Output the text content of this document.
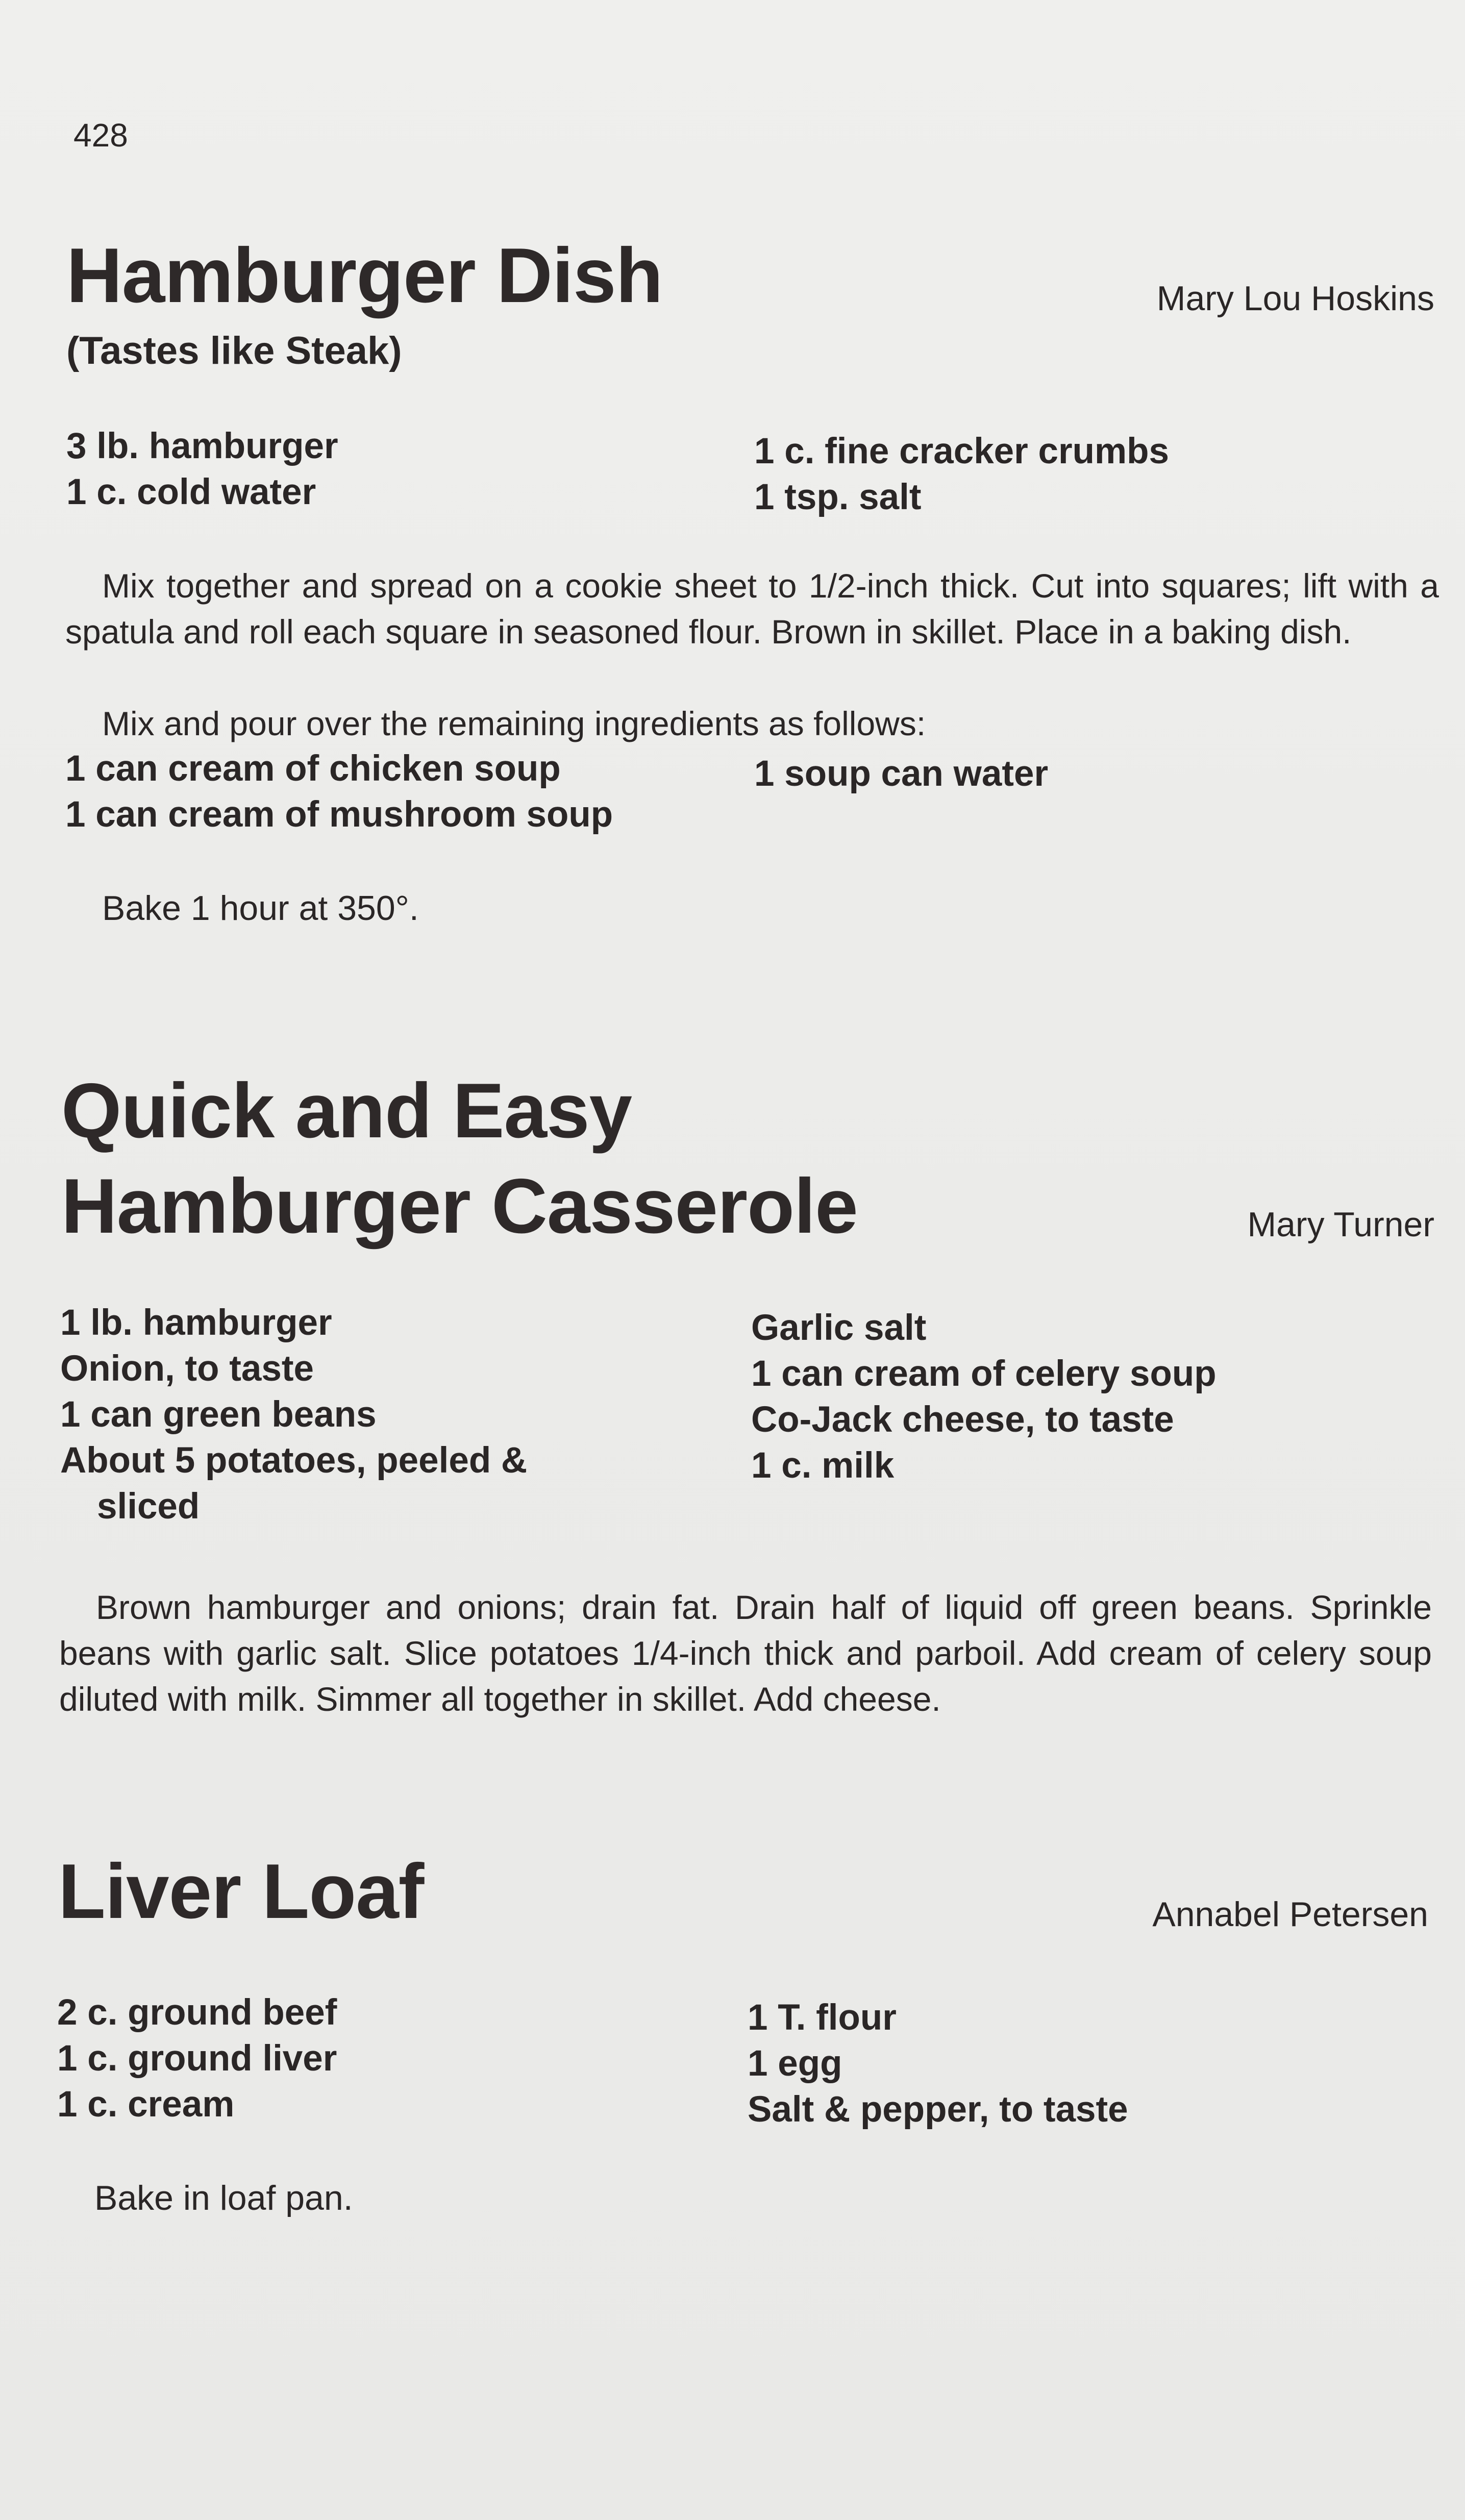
428
Hamburger Dish	Mary Lou Hoskins
(Tastes like Steak)
3 lb. hamburger
1 c. cold water
1 c. fine cracker crumbs
1 tsp. salt
Mix together and spread on a cookie sheet to 1/2-inch thick. Cut into squares; lift with a spatula and roll each square in seasoned flour. Brown in skillet. Place in a baking dish.
Mix and pour over the remaining ingredients as follows:
1 can cream of chicken soup
1 can cream of mushroom soup
1 soup can water
Bake 1 hour at 350°.
Quick and Easy
Hamburger Casserole	Mary Turner
1 lb. hamburger
Onion, to taste
1 can green beans
About 5 potatoes, peeled &
sliced
Garlic salt
1 can cream of celery soup
Co-Jack cheese, to taste
1 c. milk
Brown hamburger and onions; drain fat. Drain half of liquid off green beans. Sprinkle beans with garlic salt. Slice potatoes 1/4-inch thick and parboil. Add cream of celery soup diluted with milk. Simmer all together in skillet. Add cheese.
Liver Loaf	Annabel Petersen
2 c. ground beef
1 c. ground liver
1 c. cream
1 T. flour
1 egg
Salt & pepper, to taste
Bake in loaf pan.
